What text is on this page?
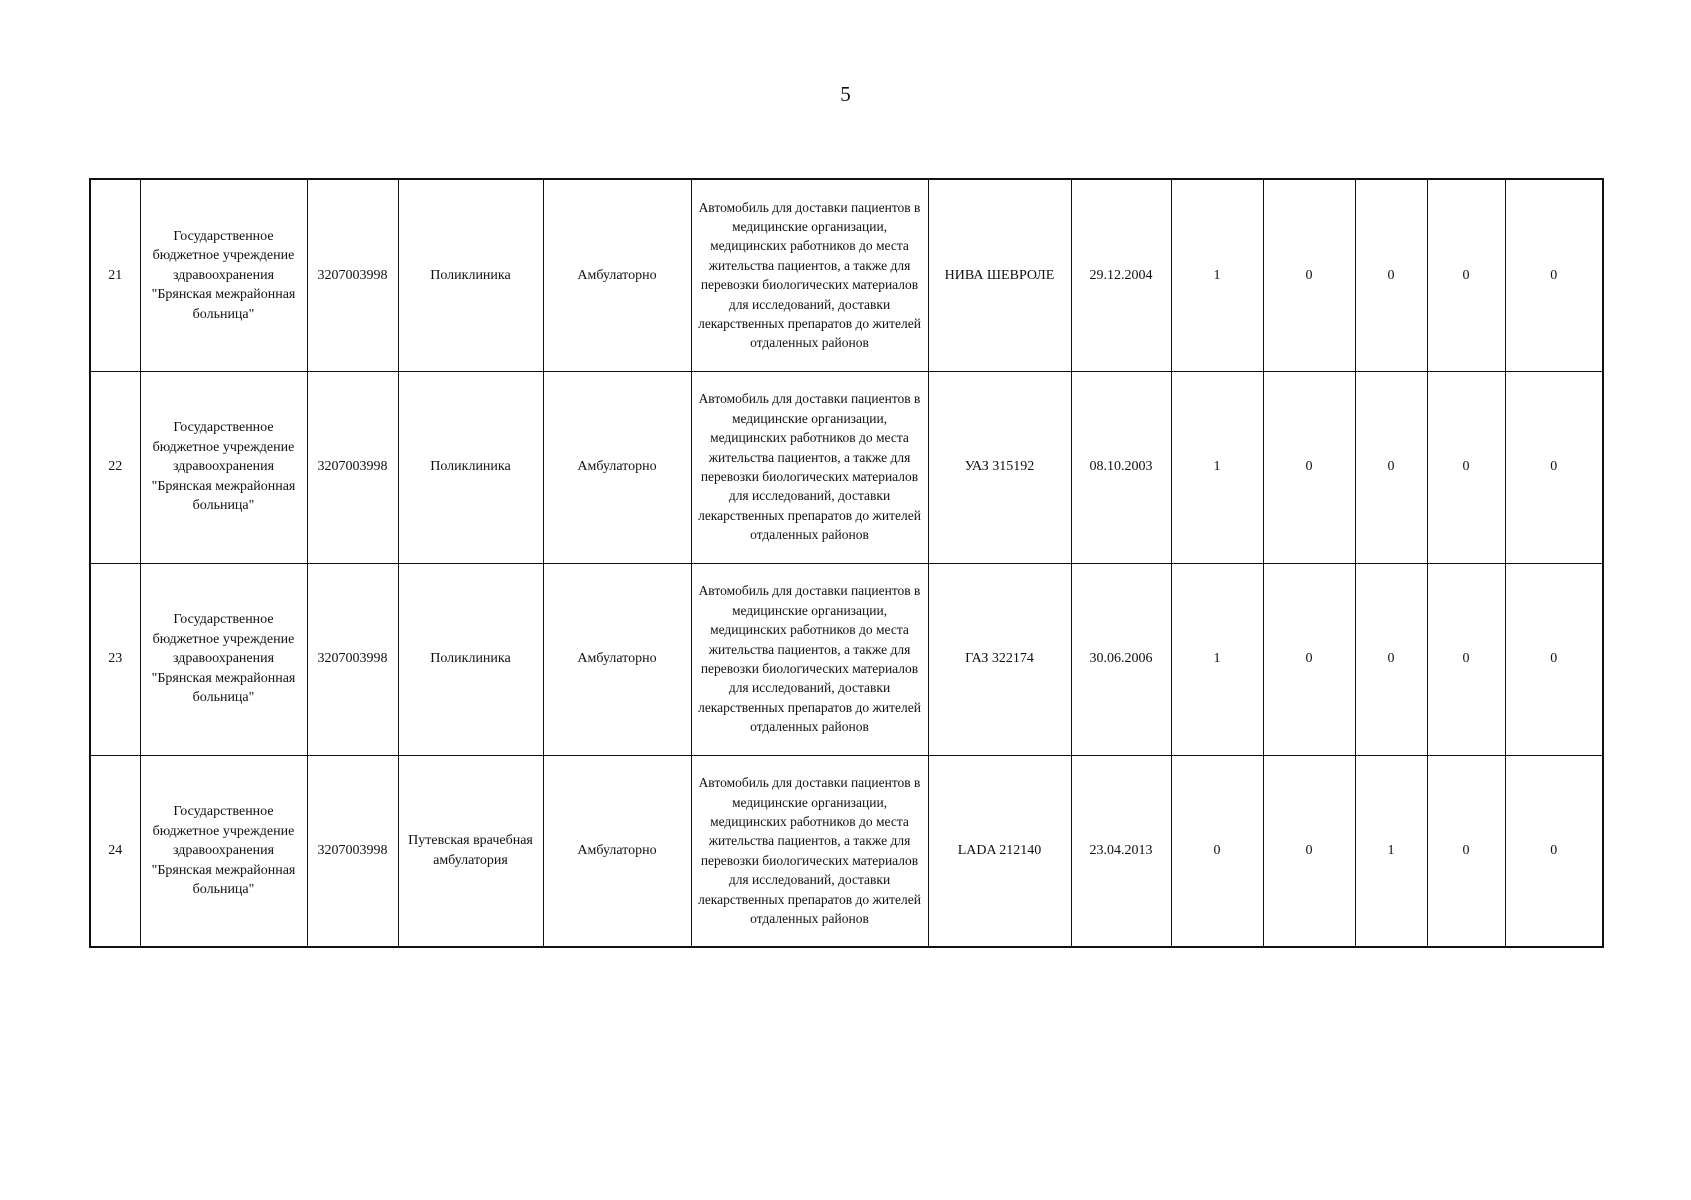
5
21	Государственное бюджетное учреждение здравоохранения "Брянская межрайонная больница"	3207003998	Поликлиника	Амбулаторно	Автомобиль для доставки пациентов в медицинские организации, медицинских работников до места жительства пациентов, а также для перевозки биологических материалов для исследований, доставки лекарственных препаратов до жителей отдаленных районов	НИВА ШЕВРОЛЕ	29.12.2004	1	0	0	0	0
22	Государственное бюджетное учреждение здравоохранения "Брянская межрайонная больница"	3207003998	Поликлиника	Амбулаторно	Автомобиль для доставки пациентов в медицинские организации, медицинских работников до места жительства пациентов, а также для перевозки биологических материалов для исследований, доставки лекарственных препаратов до жителей отдаленных районов	УАЗ 315192	08.10.2003	1	0	0	0	0
23	Государственное бюджетное учреждение здравоохранения "Брянская межрайонная больница"	3207003998	Поликлиника	Амбулаторно	Автомобиль для доставки пациентов в медицинские организации, медицинских работников до места жительства пациентов, а также для перевозки биологических материалов для исследований, доставки лекарственных препаратов до жителей отдаленных районов	ГАЗ 322174	30.06.2006	1	0	0	0	0
24	Государственное бюджетное учреждение здравоохранения "Брянская межрайонная больница"	3207003998	Путевская врачебная амбулатория	Амбулаторно	Автомобиль для доставки пациентов в медицинские организации, медицинских работников до места жительства пациентов, а также для перевозки биологических материалов для исследований, доставки лекарственных препаратов до жителей отдаленных районов	LADA 212140	23.04.2013	0	0	1	0	0
